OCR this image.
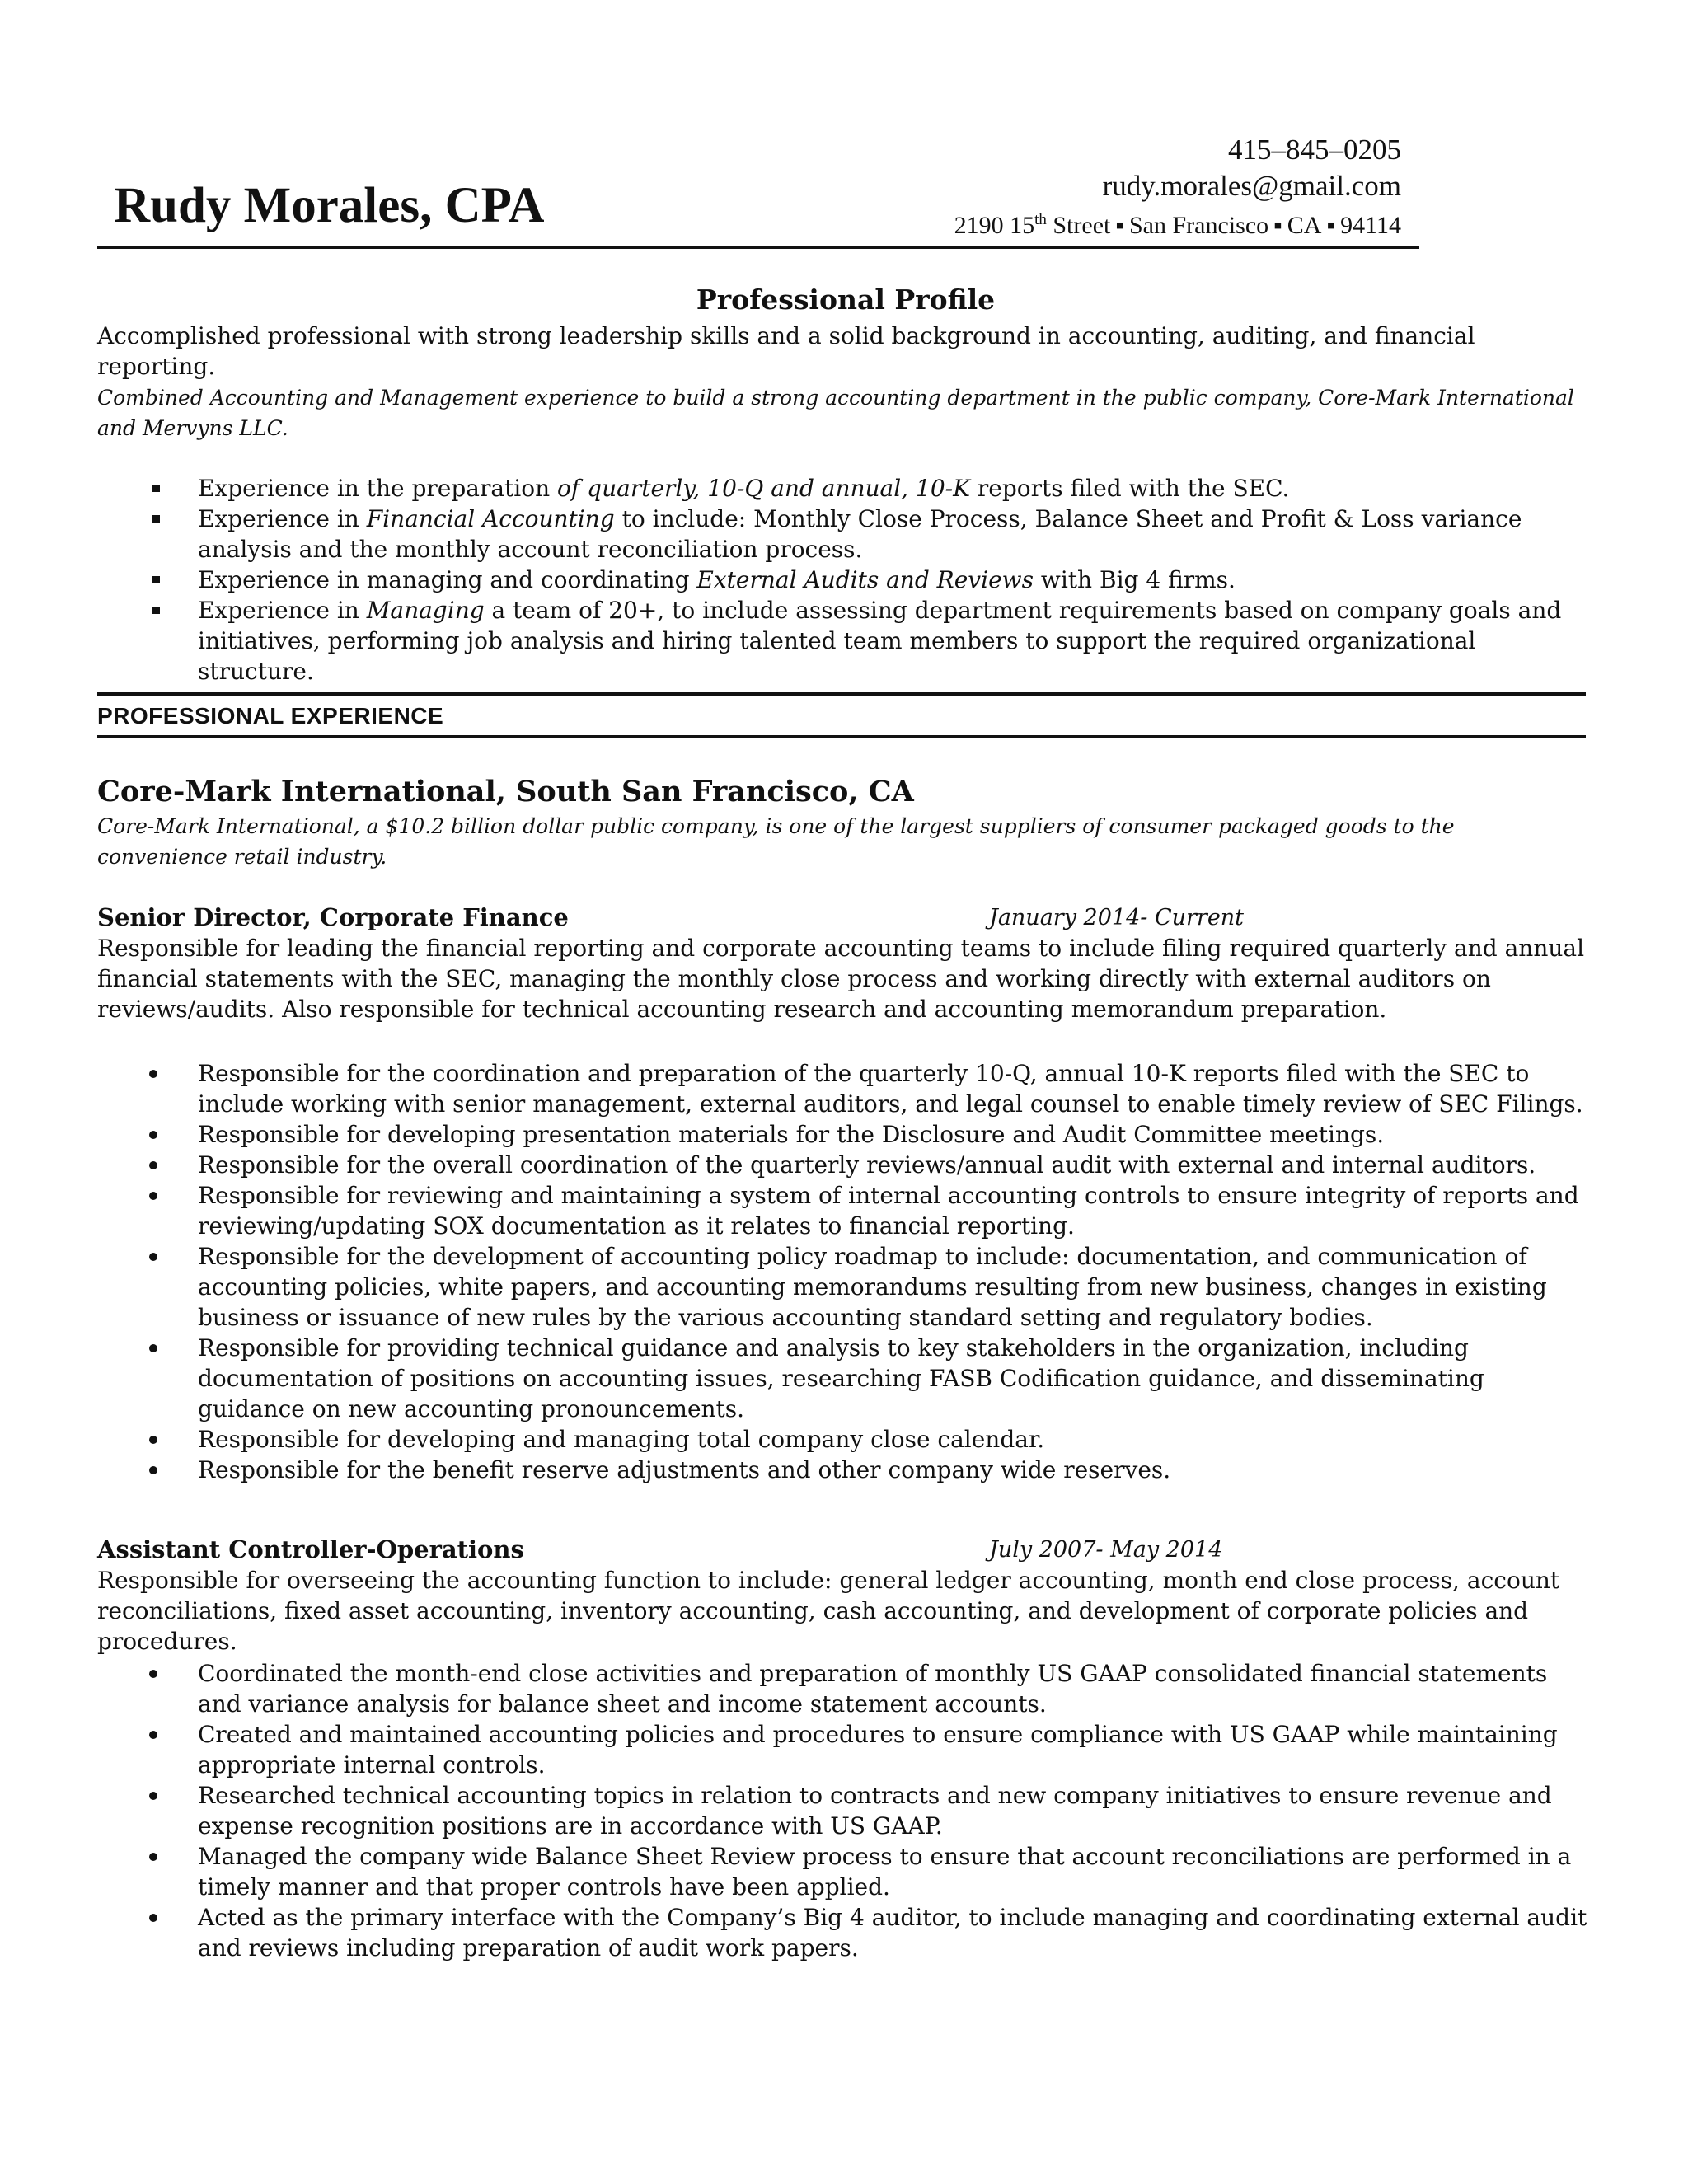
Rudy Morales, CPA
415–845–0205
rudy.morales@gmail.com
2190 15th Street ▪ San Francisco ▪ CA ▪ 94114
Professional Profile
Accomplished professional with strong leadership skills and a solid background in accounting, auditing, and financial reporting.
Combined Accounting and Management experience to build a strong accounting department in the public company, Core-Mark International and Mervyns LLC.
Experience in the preparation of quarterly, 10-Q and annual, 10-K reports filed with the SEC.
Experience in Financial Accounting to include: Monthly Close Process, Balance Sheet and Profit & Loss variance analysis and the monthly account reconciliation process.
Experience in managing and coordinating External Audits and Reviews with Big 4 firms.
Experience in Managing a team of 20+, to include assessing department requirements based on company goals and initiatives, performing job analysis and hiring talented team members to support the required organizational structure.
PROFESSIONAL EXPERIENCE
Core-Mark International, South San Francisco, CA
Core-Mark International, a $10.2 billion dollar public company, is one of the largest suppliers of consumer packaged goods to the convenience retail industry.
Senior Director, Corporate Finance	January 2014- Current
Responsible for leading the financial reporting and corporate accounting teams to include filing required quarterly and annual financial statements with the SEC, managing the monthly close process and working directly with external auditors on reviews/audits. Also responsible for technical accounting research and accounting memorandum preparation.
Responsible for the coordination and preparation of the quarterly 10-Q, annual 10-K reports filed with the SEC to include working with senior management, external auditors, and legal counsel to enable timely review of SEC Filings.
Responsible for developing presentation materials for the Disclosure and Audit Committee meetings.
Responsible for the overall coordination of the quarterly reviews/annual audit with external and internal auditors.
Responsible for reviewing and maintaining a system of internal accounting controls to ensure integrity of reports and reviewing/updating SOX documentation as it relates to financial reporting.
Responsible for the development of accounting policy roadmap to include: documentation, and communication of accounting policies, white papers, and accounting memorandums resulting from new business, changes in existing business or issuance of new rules by the various accounting standard setting and regulatory bodies.
Responsible for providing technical guidance and analysis to key stakeholders in the organization, including documentation of positions on accounting issues, researching FASB Codification guidance, and disseminating guidance on new accounting pronouncements.
Responsible for developing and managing total company close calendar.
Responsible for the benefit reserve adjustments and other company wide reserves.
Assistant Controller-Operations	July 2007- May 2014
Responsible for overseeing the accounting function to include: general ledger accounting, month end close process, account reconciliations, fixed asset accounting, inventory accounting, cash accounting, and development of corporate policies and procedures.
Coordinated the month-end close activities and preparation of monthly US GAAP consolidated financial statements and variance analysis for balance sheet and income statement accounts.
Created and maintained accounting policies and procedures to ensure compliance with US GAAP while maintaining appropriate internal controls.
Researched technical accounting topics in relation to contracts and new company initiatives to ensure revenue and expense recognition positions are in accordance with US GAAP.
Managed the company wide Balance Sheet Review process to ensure that account reconciliations are performed in a timely manner and that proper controls have been applied.
Acted as the primary interface with the Company’s Big 4 auditor, to include managing and coordinating external audit and reviews including preparation of audit work papers.
